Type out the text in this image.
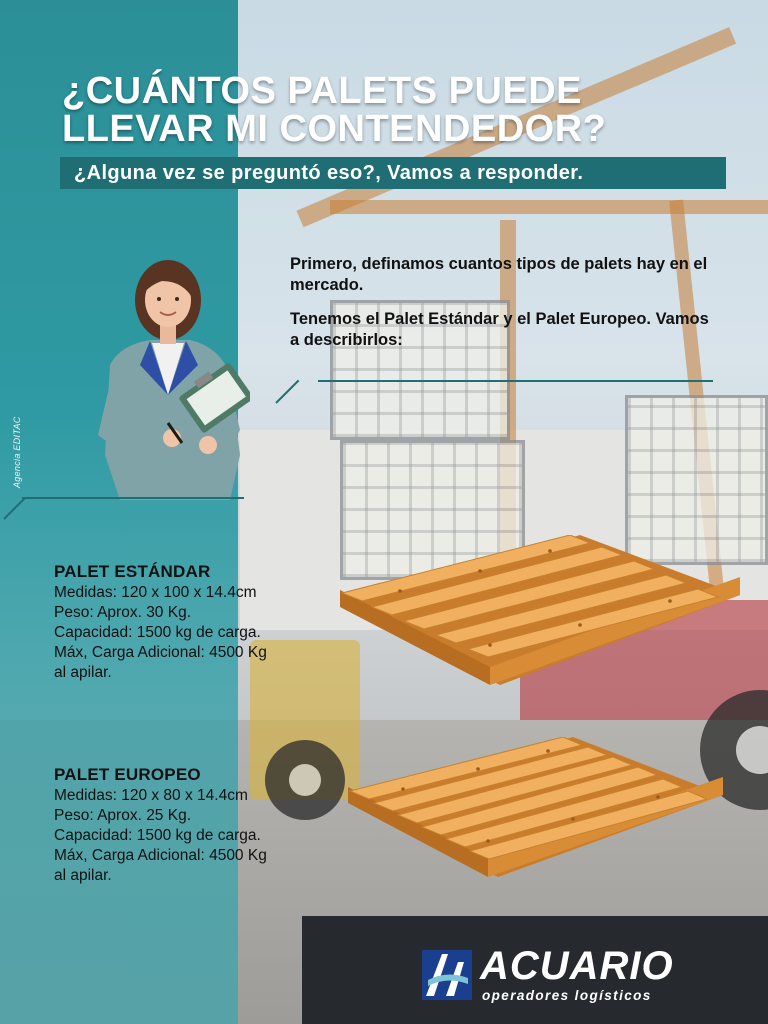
Agencia EDITAC
¿CUÁNTOS PALETS PUEDE
LLEVAR MI CONTENDEDOR?
¿Alguna vez se preguntó eso?, Vamos a responder.

Primero, definamos cuantos tipos de palets hay en el mercado.

Tenemos el Palet Estándar y el Palet Europeo. Vamos a describirlos:

PALET ESTÁNDAR
Medidas: 120 x 100 x 14.4cm
Peso: Aprox. 30 Kg.
Capacidad: 1500 kg de carga.
Máx, Carga Adicional: 4500 Kg
al apilar.
PALET EUROPEO
Medidas: 120 x 80 x 14.4cm
Peso: Aprox. 25 Kg.
Capacidad: 1500 kg de carga.
Máx, Carga Adicional: 4500 Kg
al apilar.
ACUARIO
operadores logísticos
